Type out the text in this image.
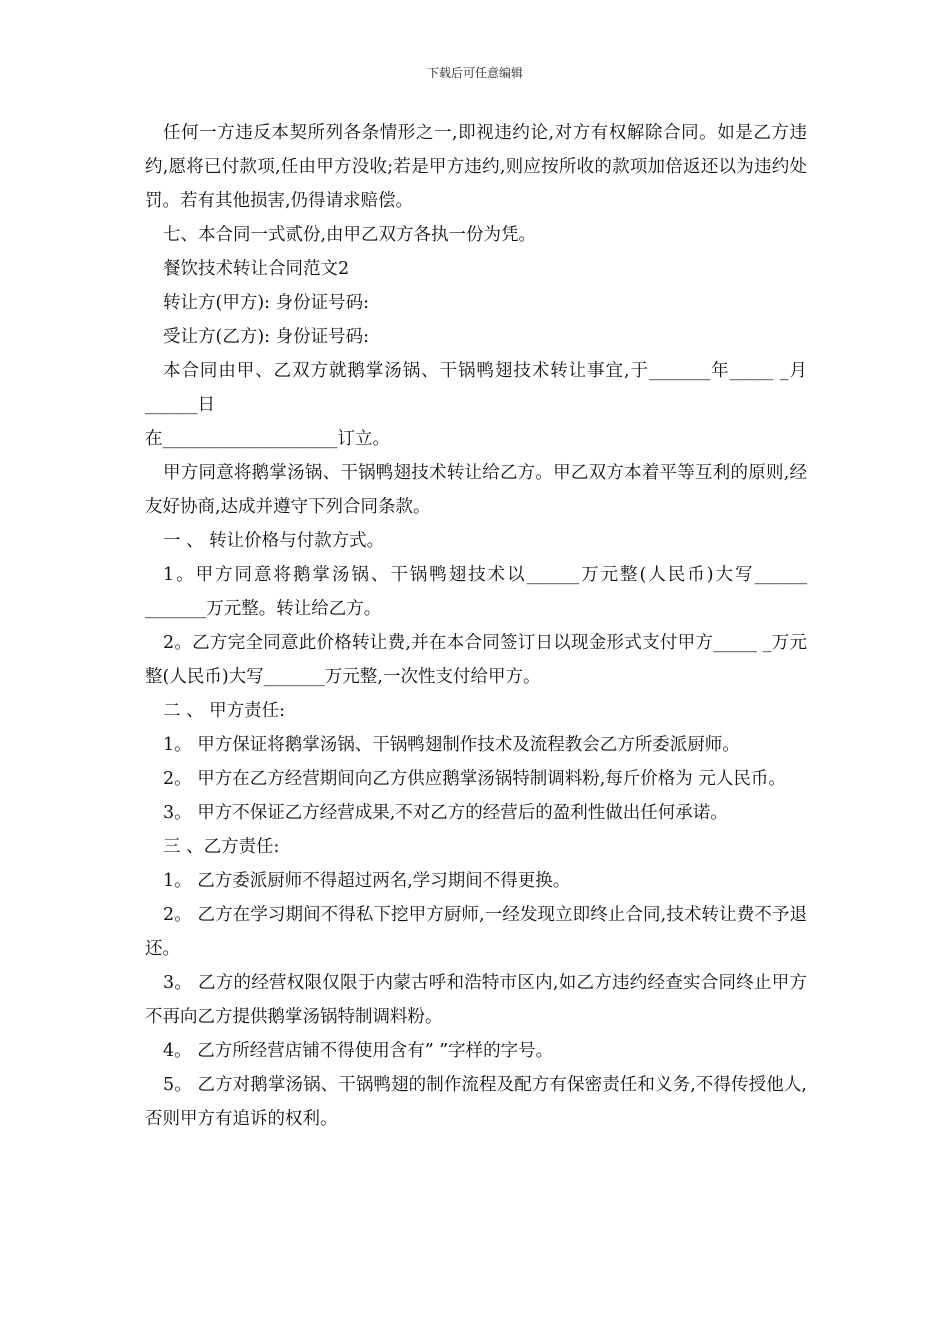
下载后可任意编辑

任何一方违反本契所列各条情形之一,即视违约论,对方有权解除合同。如是乙方违约,愿将已付款项,任由甲方没收;若是甲方违约,则应按所收的款项加倍返还以为违约处罚。若有其他损害,仍得请求赔偿。

七、本合同一式贰份,由甲乙双方各执一份为凭。

餐饮技术转让合同范文2

转让方(甲方): 身份证号码:

受让方(乙方): 身份证号码:

本合同由甲、乙双方就鹅掌汤锅、干锅鸭翅技术转让事宜,于_______年_____ _月______日

在____________________订立。

甲方同意将鹅掌汤锅、干锅鸭翅技术转让给乙方。甲乙双方本着平等互利的原则,经友好协商,达成并遵守下列合同条款。

一 、 转让价格与付款方式。

1。甲方同意将鹅掌汤锅、干锅鸭翅技术以______万元整(人民币)大写______ _______万元整。转让给乙方。

2。乙方完全同意此价格转让费,并在本合同签订日以现金形式支付甲方_____ _万元整(人民币)大写_______万元整,一次性支付给甲方。

二 、 甲方责任:

1。 甲方保证将鹅掌汤锅、干锅鸭翅制作技术及流程教会乙方所委派厨师。

2。 甲方在乙方经营期间向乙方供应鹅掌汤锅特制调料粉,每斤价格为 元人民币。

3。 甲方不保证乙方经营成果,不对乙方的经营后的盈利性做出任何承诺。

三 、乙方责任:

1。 乙方委派厨师不得超过两名,学习期间不得更换。

2。 乙方在学习期间不得私下挖甲方厨师,一经发现立即终止合同,技术转让费不予退还。

3。 乙方的经营权限仅限于内蒙古呼和浩特市区内,如乙方违约经查实合同终止甲方不再向乙方提供鹅掌汤锅特制调料粉。

4。 乙方所经营店铺不得使用含有” ”字样的字号。

5。 乙方对鹅掌汤锅、干锅鸭翅的制作流程及配方有保密责任和义务,不得传授他人,否则甲方有追诉的权利。
